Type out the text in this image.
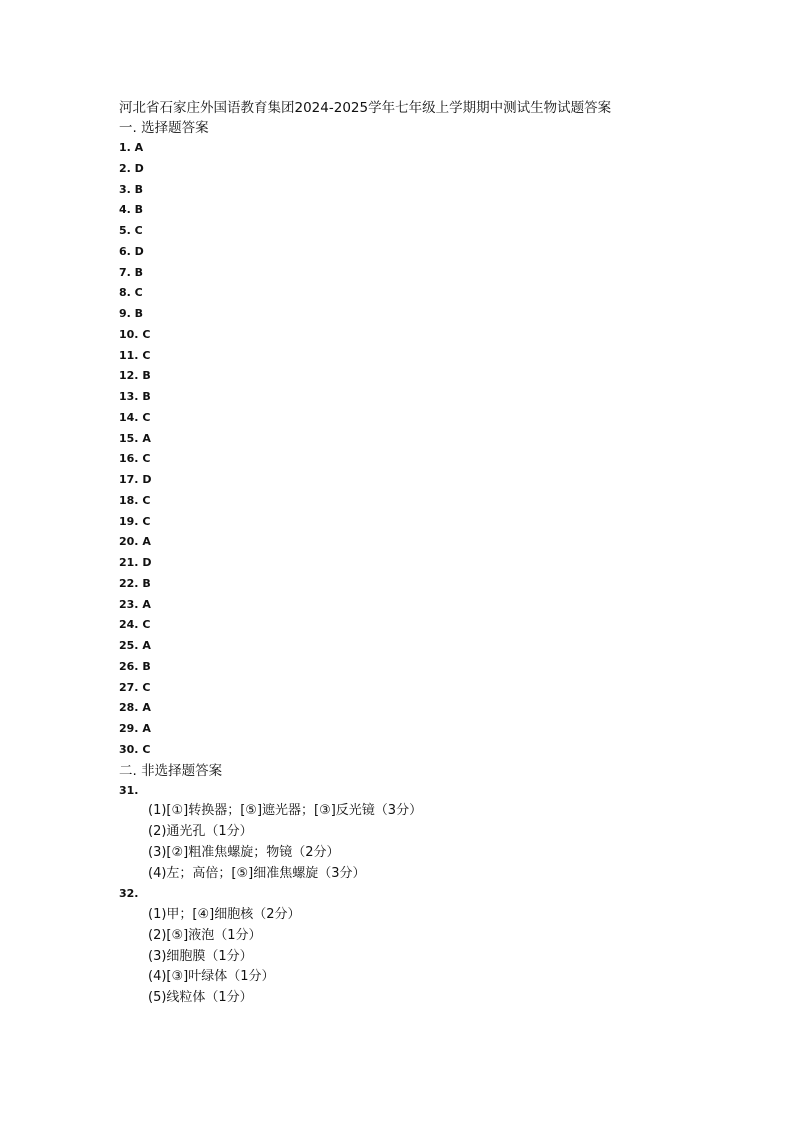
河北省石家庄外国语教育集团2024-2025学年七年级上学期期中测试生物试题答案
一. 选择题答案
1. A
2. D
3. B
4. B
5. C
6. D
7. B
8. C
9. B
10. C
11. C
12. B
13. B
14. C
15. A
16. C
17. D
18. C
19. C
20. A
21. D
22. B
23. A
24. C
25. A
26. B
27. C
28. A
29. A
30. C
二. 非选择题答案
31.
(1)[①]转换器；[⑤]遮光器；[③]反光镜（3分）
(2)通光孔（1分）
(3)[②]粗准焦螺旋；物镜（2分）
(4)左；高倍；[⑤]细准焦螺旋（3分）
32.
(1)甲；[④]细胞核（2分）
(2)[⑤]液泡（1分）
(3)细胞膜（1分）
(4)[③]叶绿体（1分）
(5)线粒体（1分）
